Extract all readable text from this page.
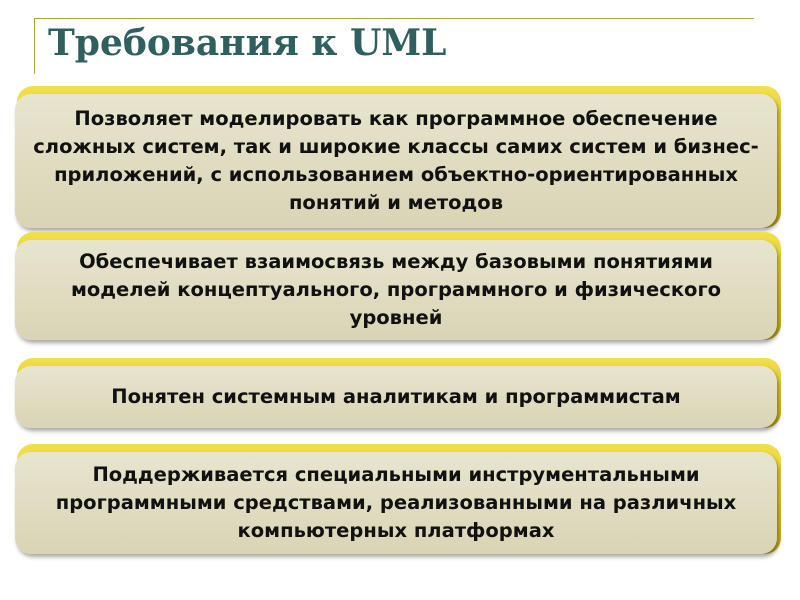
Требования к UML
Позволяет моделировать как программное обеспечение сложных систем, так и широкие классы самих систем и бизнес-приложений, с использованием объектно-ориентированных понятий и методов
Обеспечивает взаимосвязь между базовыми понятиями моделей концептуального, программного и физического уровней
Понятен системным аналитикам и программистам
Поддерживается специальными инструментальными программными средствами, реализованными на различных компьютерных платформах
